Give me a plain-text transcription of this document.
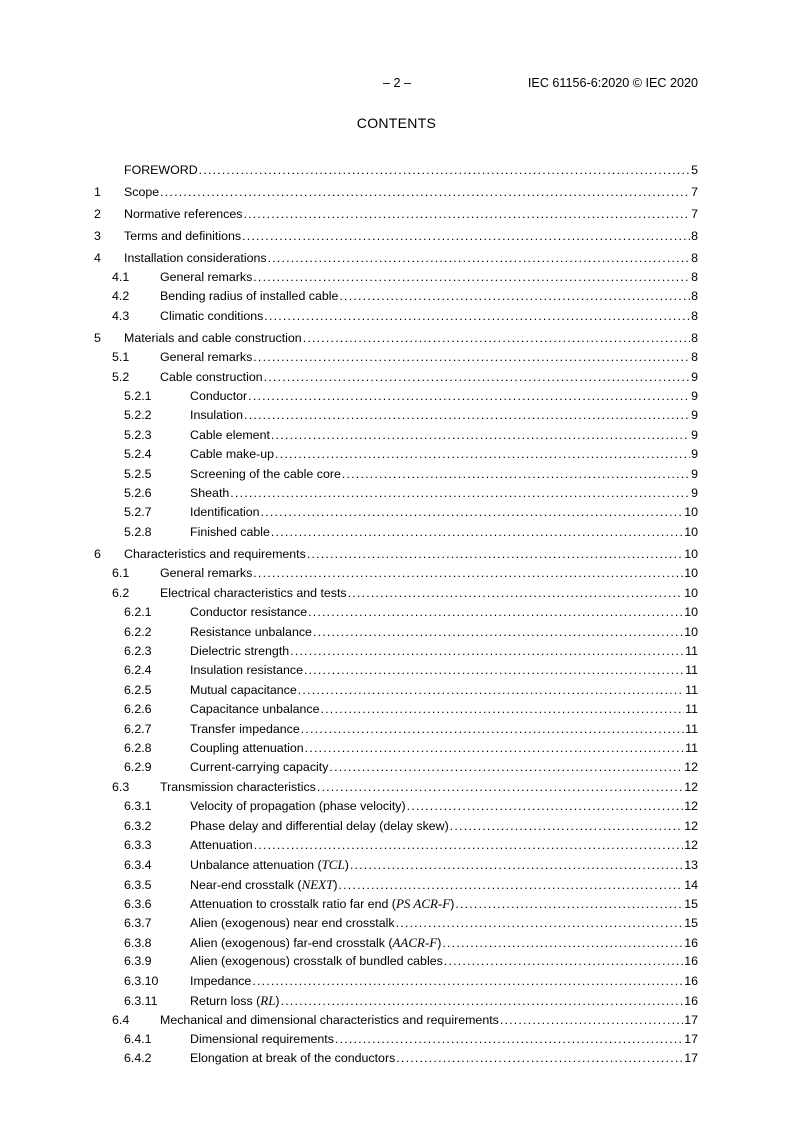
– 2 –	IEC 61156-6:2020 © IEC 2020
CONTENTS
FOREWORD .....	5
1	Scope .....	7
2	Normative references .....	7
3	Terms and definitions .....	8
4	Installation considerations .....	8
4.1	General remarks .....	8
4.2	Bending radius of installed cable .....	8
4.3	Climatic conditions .....	8
5	Materials and cable construction .....	8
5.1	General remarks .....	8
5.2	Cable construction .....	9
5.2.1	Conductor .....	9
5.2.2	Insulation .....	9
5.2.3	Cable element .....	9
5.2.4	Cable make-up .....	9
5.2.5	Screening of the cable core .....	9
5.2.6	Sheath .....	9
5.2.7	Identification .....	10
5.2.8	Finished cable .....	10
6	Characteristics and requirements .....	10
6.1	General remarks .....	10
6.2	Electrical characteristics and tests .....	10
6.2.1	Conductor resistance .....	10
6.2.2	Resistance unbalance .....	10
6.2.3	Dielectric strength .....	11
6.2.4	Insulation resistance .....	11
6.2.5	Mutual capacitance .....	11
6.2.6	Capacitance unbalance .....	11
6.2.7	Transfer impedance .....	11
6.2.8	Coupling attenuation .....	11
6.2.9	Current-carrying capacity .....	12
6.3	Transmission characteristics .....	12
6.3.1	Velocity of propagation (phase velocity) .....	12
6.3.2	Phase delay and differential delay (delay skew) .....	12
6.3.3	Attenuation .....	12
6.3.4	Unbalance attenuation (TCL) .....	13
6.3.5	Near-end crosstalk (NEXT) .....	14
6.3.6	Attenuation to crosstalk ratio far end (PS ACR-F) .....	15
6.3.7	Alien (exogenous) near end crosstalk .....	15
6.3.8	Alien (exogenous) far-end crosstalk (AACR-F) .....	16
6.3.9	Alien (exogenous) crosstalk of bundled cables .....	16
6.3.10	Impedance .....	16
6.3.11	Return loss (RL) .....	16
6.4	Mechanical and dimensional characteristics and requirements .....	17
6.4.1	Dimensional requirements .....	17
6.4.2	Elongation at break of the conductors .....	17
